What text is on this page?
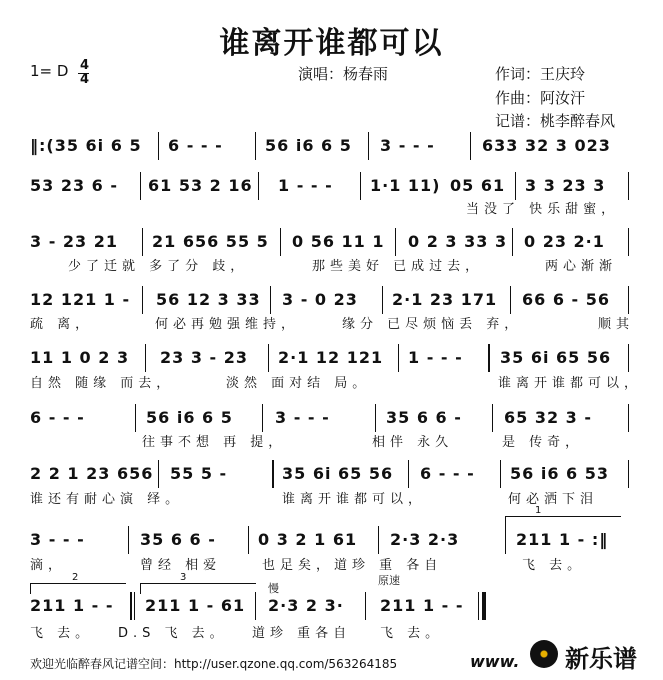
谁离开谁都可以
1= D 4
4	演唱：杨春雨	作词：王庆玲
作曲：阿汝汗
记谱：桃李醉春风
‖:(35 6i 6 5 6 - - -	56 i6 6 5 3 - - -	633 32 3 023
53 23 6 - 61 53 2 16 1 - - - 1·1 11) 05 61 3 3 23 3
当没了 快乐甜蜜，
3 - 23 21 21 656 55 5 0 56 11 1 0 2 3 33 3 0 23 2·1
少了迁就 多了分 歧，	那些美好 已成过去，	两心渐渐
12 121 1 - 56 12 3 33 3 - 0 23 2·1 23 171 66 6 - 56
疏 离，	何必再勉强维持，	缘分 已尽烦恼丢 弃，	顺其
11 1 0 2 3 23 3 - 23 2·1 12 121 1 - - - 35 6i 65 56
自然 随缘 而去，	淡然 面对结 局。	谁离开谁都可以，
6 - - -	56 i6 6 5	3 - - -	35 6 6 -	65 32 3 -
往事不想 再 提，	相伴 永久	是 传奇，
2 2 1 23 656 55 5 -	35 6i 65 56 6 - - - 56 i6 6 53
谁还有耐心演 绎。	谁离开谁都可以，	何必洒下泪
1
3 - - -	35 6 6 -	0 3 2 1 61 2·3 2·3	211 1 - :‖
滴，	曾经 相爱	也足矣，道珍 重 各自	飞 去。
2	3
慢
原速
211 1 - - 211 1 - 61 2·3 2 3· 211 1 - -
飞 去。 D.S 飞 去。 道珍 重各自 飞 去。
欢迎光临醉春风记谱空间：http://user.qzone.qq.com/563264185	www. 新乐谱
